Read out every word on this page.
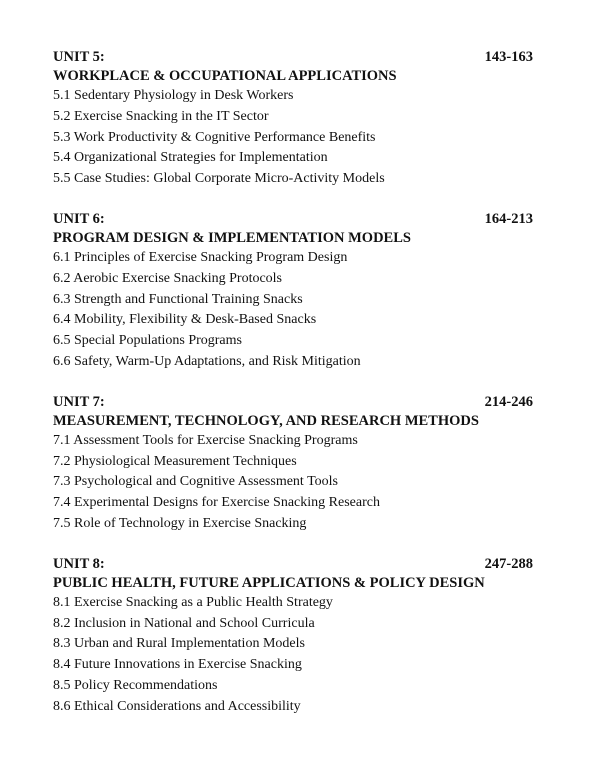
UNIT 5:	143-163
WORKPLACE & OCCUPATIONAL APPLICATIONS
5.1 Sedentary Physiology in Desk Workers
5.2 Exercise Snacking in the IT Sector
5.3 Work Productivity & Cognitive Performance Benefits
5.4 Organizational Strategies for Implementation
5.5 Case Studies: Global Corporate Micro-Activity Models
UNIT 6:	164-213
PROGRAM DESIGN & IMPLEMENTATION MODELS
6.1 Principles of Exercise Snacking Program Design
6.2 Aerobic Exercise Snacking Protocols
6.3 Strength and Functional Training Snacks
6.4 Mobility, Flexibility & Desk-Based Snacks
6.5 Special Populations Programs
6.6 Safety, Warm-Up Adaptations, and Risk Mitigation
UNIT 7:	214-246
MEASUREMENT, TECHNOLOGY, AND RESEARCH METHODS
7.1 Assessment Tools for Exercise Snacking Programs
7.2 Physiological Measurement Techniques
7.3 Psychological and Cognitive Assessment Tools
7.4 Experimental Designs for Exercise Snacking Research
7.5 Role of Technology in Exercise Snacking
UNIT 8:	247-288
PUBLIC HEALTH, FUTURE APPLICATIONS & POLICY DESIGN
8.1 Exercise Snacking as a Public Health Strategy
8.2 Inclusion in National and School Curricula
8.3 Urban and Rural Implementation Models
8.4 Future Innovations in Exercise Snacking
8.5 Policy Recommendations
8.6 Ethical Considerations and Accessibility
